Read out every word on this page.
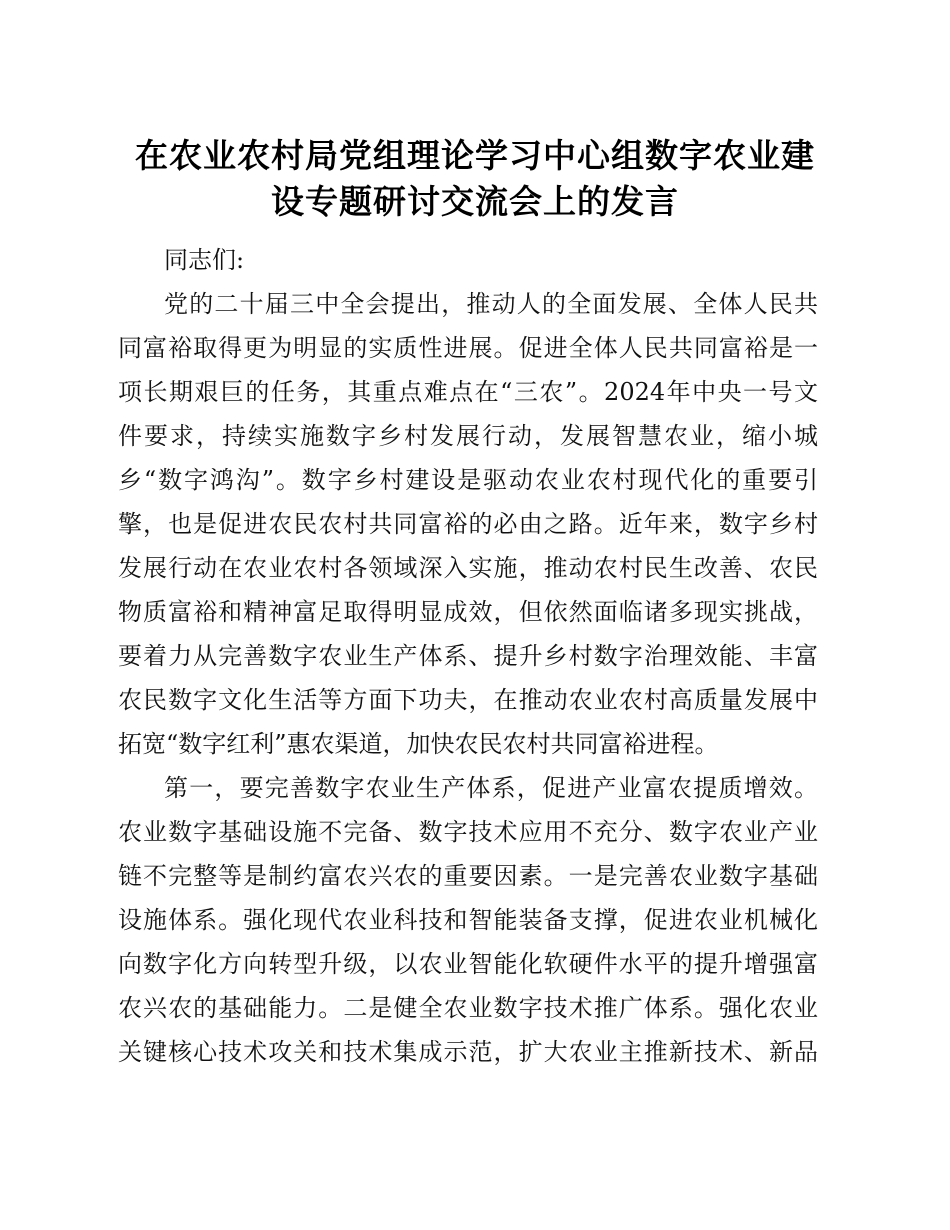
在农业农村局党组理论学习中心组数字农业建
设专题研讨交流会上的发言
同志们:
党的二十届三中全会提出，推动人的全面发展、全体人民共
同富裕取得更为明显的实质性进展。促进全体人民共同富裕是一
项长期艰巨的任务，其重点难点在“三农”。2024年中央一号文
件要求，持续实施数字乡村发展行动，发展智慧农业，缩小城
乡“数字鸿沟”。数字乡村建设是驱动农业农村现代化的重要引
擎，也是促进农民农村共同富裕的必由之路。近年来，数字乡村
发展行动在农业农村各领域深入实施，推动农村民生改善、农民
物质富裕和精神富足取得明显成效，但依然面临诸多现实挑战，
要着力从完善数字农业生产体系、提升乡村数字治理效能、丰富
农民数字文化生活等方面下功夫，在推动农业农村高质量发展中
拓宽“数字红利”惠农渠道，加快农民农村共同富裕进程。
第一，要完善数字农业生产体系，促进产业富农提质增效。
农业数字基础设施不完备、数字技术应用不充分、数字农业产业
链不完整等是制约富农兴农的重要因素。一是完善农业数字基础
设施体系。强化现代农业科技和智能装备支撑，促进农业机械化
向数字化方向转型升级，以农业智能化软硬件水平的提升增强富
农兴农的基础能力。二是健全农业数字技术推广体系。强化农业
关键核心技术攻关和技术集成示范，扩大农业主推新技术、新品
